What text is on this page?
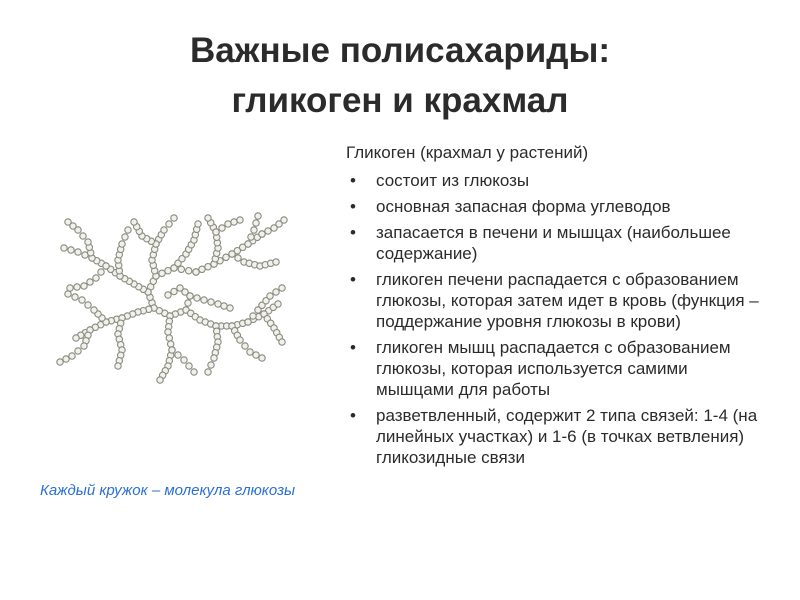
Важные полисахариды:
гликоген и крахмал
Каждый кружок – молекула глюкозы

Гликоген (крахмал у растений)

• состоит из глюкозы
• основная запасная форма углеводов
• запасается в печени и мышцах (наибольшее содержание)
• гликоген печени распадается с образованием глюкозы, которая затем идет в кровь (функция – поддержание уровня глюкозы в крови)
• гликоген мышц распадается с образованием глюкозы, которая используется самими мышцами для работы
• разветвленный, содержит 2 типа связей: 1-4 (на линейных участках) и 1-6 (в точках ветвления) гликозидные связи
